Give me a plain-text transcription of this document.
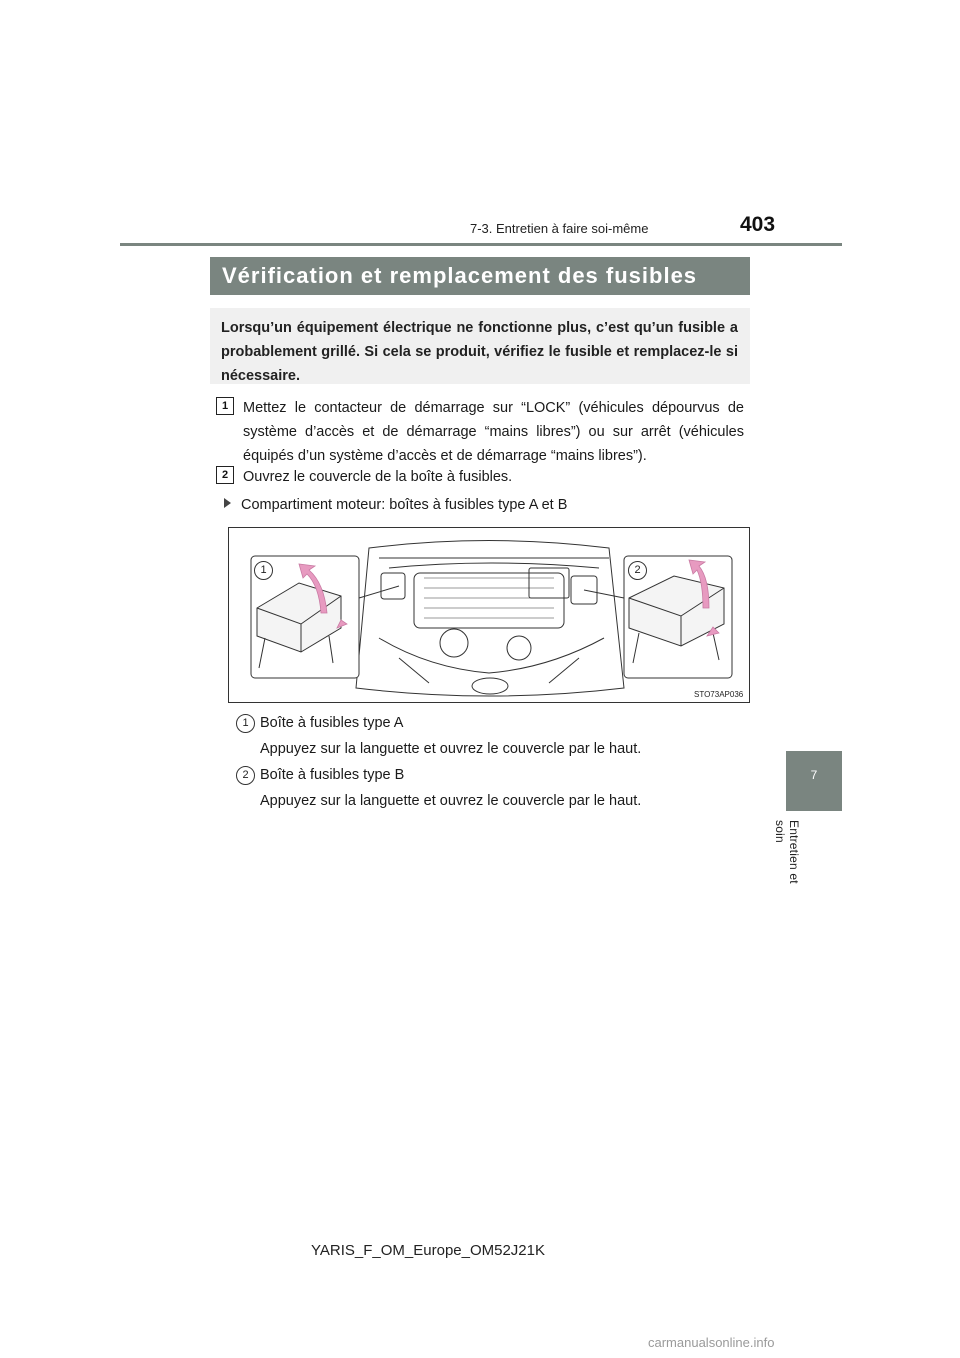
7-3. Entretien à faire soi-même	403
7
Entretien et soin
Vérification et remplacement des fusibles
Lorsqu’un équipement électrique ne fonctionne plus, c’est qu’un fusible a probablement grillé. Si cela se produit, vérifiez le fusible et remplacez-le si nécessaire.
1	Mettez le contacteur de démarrage sur “LOCK” (véhicules dépourvus de système d’accès et de démarrage “mains libres”) ou sur arrêt (véhicules équipés d’un système d’accès et de démarrage “mains libres”).
2	Ouvrez le couvercle de la boîte à fusibles.
Compartiment moteur: boîtes à fusibles type A et B
1	2
STO73AP036
1 Boîte à fusibles type A
Appuyez sur la languette et ouvrez le couvercle par le haut.
2 Boîte à fusibles type B
Appuyez sur la languette et ouvrez le couvercle par le haut.
YARIS_F_OM_Europe_OM52J21K
carmanualsonline.info
